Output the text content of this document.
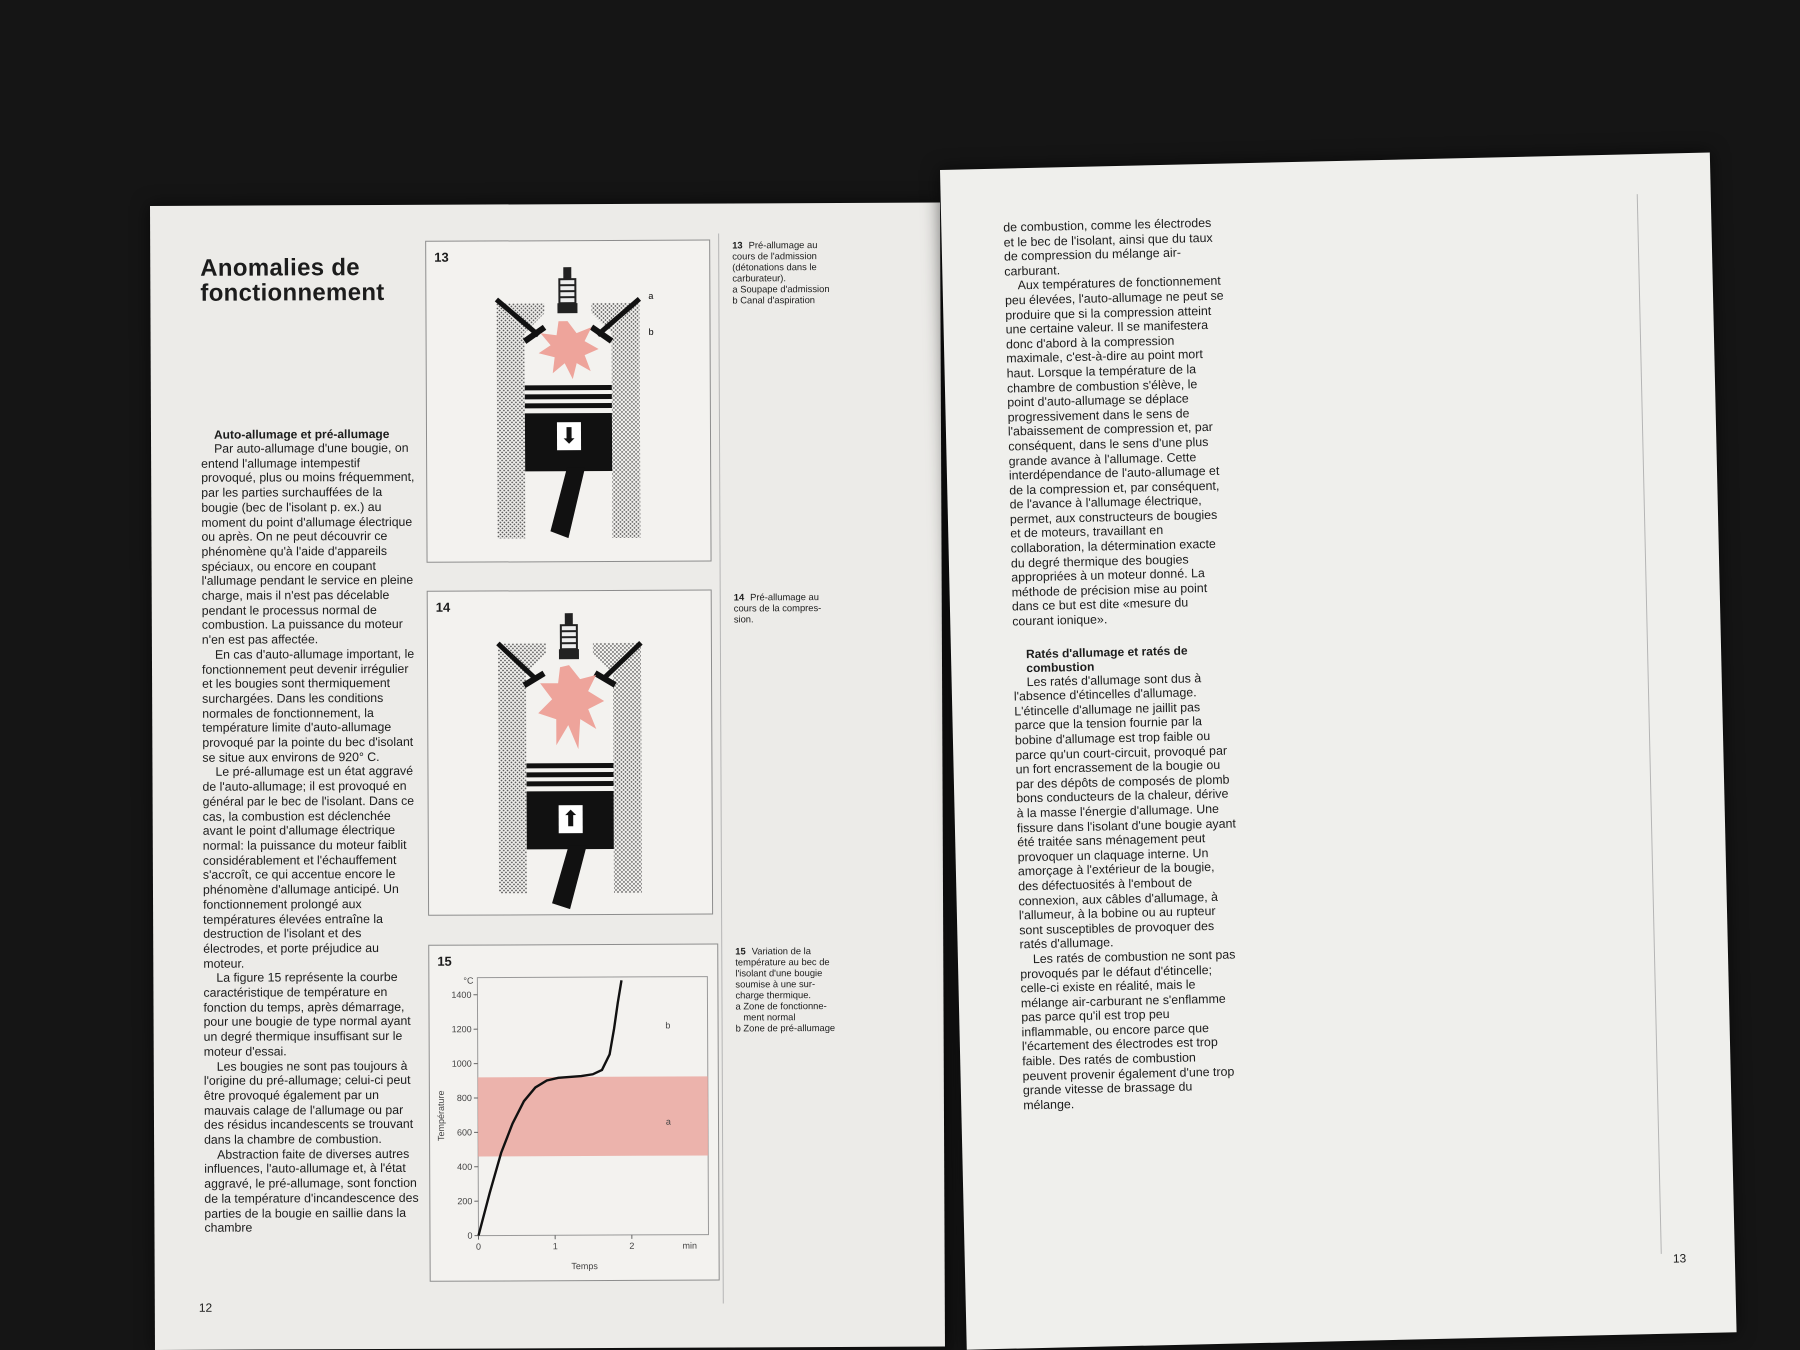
Anomalies de
fonctionnement
Auto-allumage et pré-allumage

Par auto-allumage d'une bougie, on entend l'allumage intempestif provoqué, plus ou moins fréquemment, par les parties surchauffées de la bougie (bec de l'isolant p. ex.) au moment du point d'allumage électrique ou après. On ne peut découvrir ce phénomène qu'à l'aide d'appareils spéciaux, ou encore en coupant l'allumage pendant le service en pleine charge, mais il n'est pas décelable pendant le processus normal de combustion. La puissance du moteur n'en est pas affectée.

En cas d'auto-allumage important, le fonctionnement peut devenir irrégulier et les bougies sont thermiquement surchargées. Dans les conditions normales de fonctionnement, la température limite d'auto-allumage provoqué par la pointe du bec d'isolant se situe aux environs de 920° C.

Le pré-allumage est un état aggravé de l'auto-allumage; il est provoqué en général par le bec de l'isolant. Dans ce cas, la combustion est déclenchée avant le point d'allumage électrique normal: la puissance du moteur faiblit considérablement et l'échauffement s'accroît, ce qui accentue encore le phénomène d'allumage anticipé. Un fonctionnement prolongé aux températures élevées entraîne la destruction de l'isolant et des électrodes, et porte préjudice au moteur.

La figure 15 représente la courbe caractéristique de température en fonction du temps, après démarrage, pour une bougie de type normal ayant un degré thermique insuffisant sur le moteur d'essai.

Les bougies ne sont pas toujours à l'origine du pré-allumage; celui-ci peut être provoqué également par un mauvais calage de l'allumage ou par des résidus incandescents se trouvant dans la chambre de combustion.

Abstraction faite de diverses autres influences, l'auto-allumage et, à l'état aggravé, le pré-allumage, sont fonction de la température d'incandescence des parties de la bougie en saillie dans la chambre

13
a
b
⬇
13 Pré-allumage au
cours de l'admission
(détonations dans le
carburateur).
a Soupape d'admission
b Canal d'aspiration
14
⬆
14 Pré-allumage au
cours de la compres-
sion.
15
0
200
400
600
800
1000
1200
1400
0	1	2
°C
min
Temps
Température	a
b
15 Variation de la
température au bec de
l'isolant d'une bougie
soumise à une sur-
charge thermique.
a Zone de fonctionne-
ment normal
b Zone de pré-allumage
12

de combustion, comme les électrodes et le bec de l'isolant, ainsi que du taux de compression du mélange air-carburant.

Aux températures de fonctionnement peu élevées, l'auto-allumage ne peut se produire que si la compression atteint une certaine valeur. Il se manifestera donc d'abord à la compression maximale, c'est-à-dire au point mort haut. Lorsque la température de la chambre de combustion s'élève, le point d'auto-allumage se déplace progressivement dans le sens de l'abaissement de compression et, par conséquent, dans le sens d'une plus grande avance à l'allumage. Cette interdépendance de l'auto-allumage et de la compression et, par conséquent, de l'avance à l'allumage électrique, permet, aux constructeurs de bougies et de moteurs, travaillant en collaboration, la détermination exacte du degré thermique des bougies appropriées à un moteur donné. La méthode de précision mise au point dans ce but est dite «mesure du courant ionique».

Ratés d'allumage et ratés de combustion

Les ratés d'allumage sont dus à l'absence d'étincelles d'allumage. L'étincelle d'allumage ne jaillit pas parce que la tension fournie par la bobine d'allumage est trop faible ou parce qu'un court-circuit, provoqué par un fort encrassement de la bougie ou par des dépôts de composés de plomb bons conducteurs de la chaleur, dérive à la masse l'énergie d'allumage. Une fissure dans l'isolant d'une bougie ayant été traitée sans ménagement peut provoquer un claquage interne. Un amorçage à l'extérieur de la bougie, des défectuosités à l'embout de connexion, aux câbles d'allumage, à l'allumeur, à la bobine ou au rupteur sont susceptibles de provoquer des ratés d'allumage.

Les ratés de combustion ne sont pas provoqués par le défaut d'étincelle; celle-ci existe en réalité, mais le mélange air-carburant ne s'enflamme pas parce qu'il est trop peu inflammable, ou encore parce que l'écartement des électrodes est trop faible. Des ratés de combustion peuvent provenir également d'une trop grande vitesse de brassage du mélange.

13
